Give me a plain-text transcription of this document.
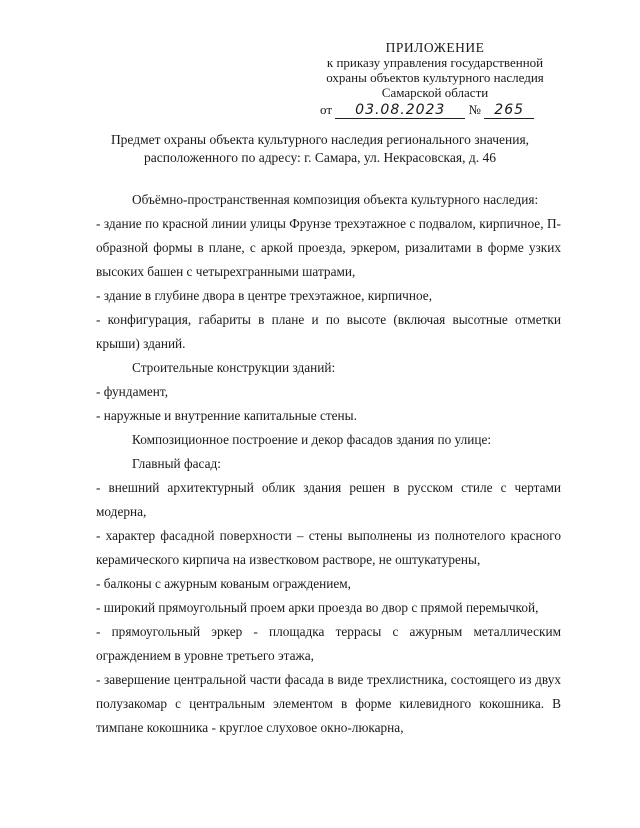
ПРИЛОЖЕНИЕ
к приказу управления государственной
охраны объектов культурного наследия
Самарской области
от 03.08.2023 № 265
Предмет охраны объекта культурного наследия регионального значения,
расположенного по адресу: г. Самара, ул. Некрасовская, д. 46

Объёмно-пространственная композиция объекта культурного наследия:

- здание по красной линии улицы Фрунзе трехэтажное с подвалом, кирпичное, П-образной формы в плане, с аркой проезда, эркером, ризалитами в форме узких высоких башен с четырехгранными шатрами,

- здание в глубине двора в центре трехэтажное, кирпичное,

- конфигурация, габариты в плане и по высоте (включая высотные отметки крыши) зданий.

Строительные конструкции зданий:

- фундамент,

- наружные и внутренние капитальные стены.

Композиционное построение и декор фасадов здания по улице:

Главный фасад:

- внешний архитектурный облик здания решен в русском стиле с чертами модерна,

- характер фасадной поверхности – стены выполнены из полнотелого красного керамического кирпича на известковом растворе, не оштукатурены,

- балконы с ажурным кованым ограждением,

- широкий прямоугольный проем арки проезда во двор с прямой перемычкой,

- прямоугольный эркер - площадка террасы с ажурным металлическим ограждением в уровне третьего этажа,

- завершение центральной части фасада в виде трехлистника, состоящего из двух полузакомар с центральным элементом в форме килевидного кокошника. В тимпане кокошника - круглое слуховое окно-люкарна,
